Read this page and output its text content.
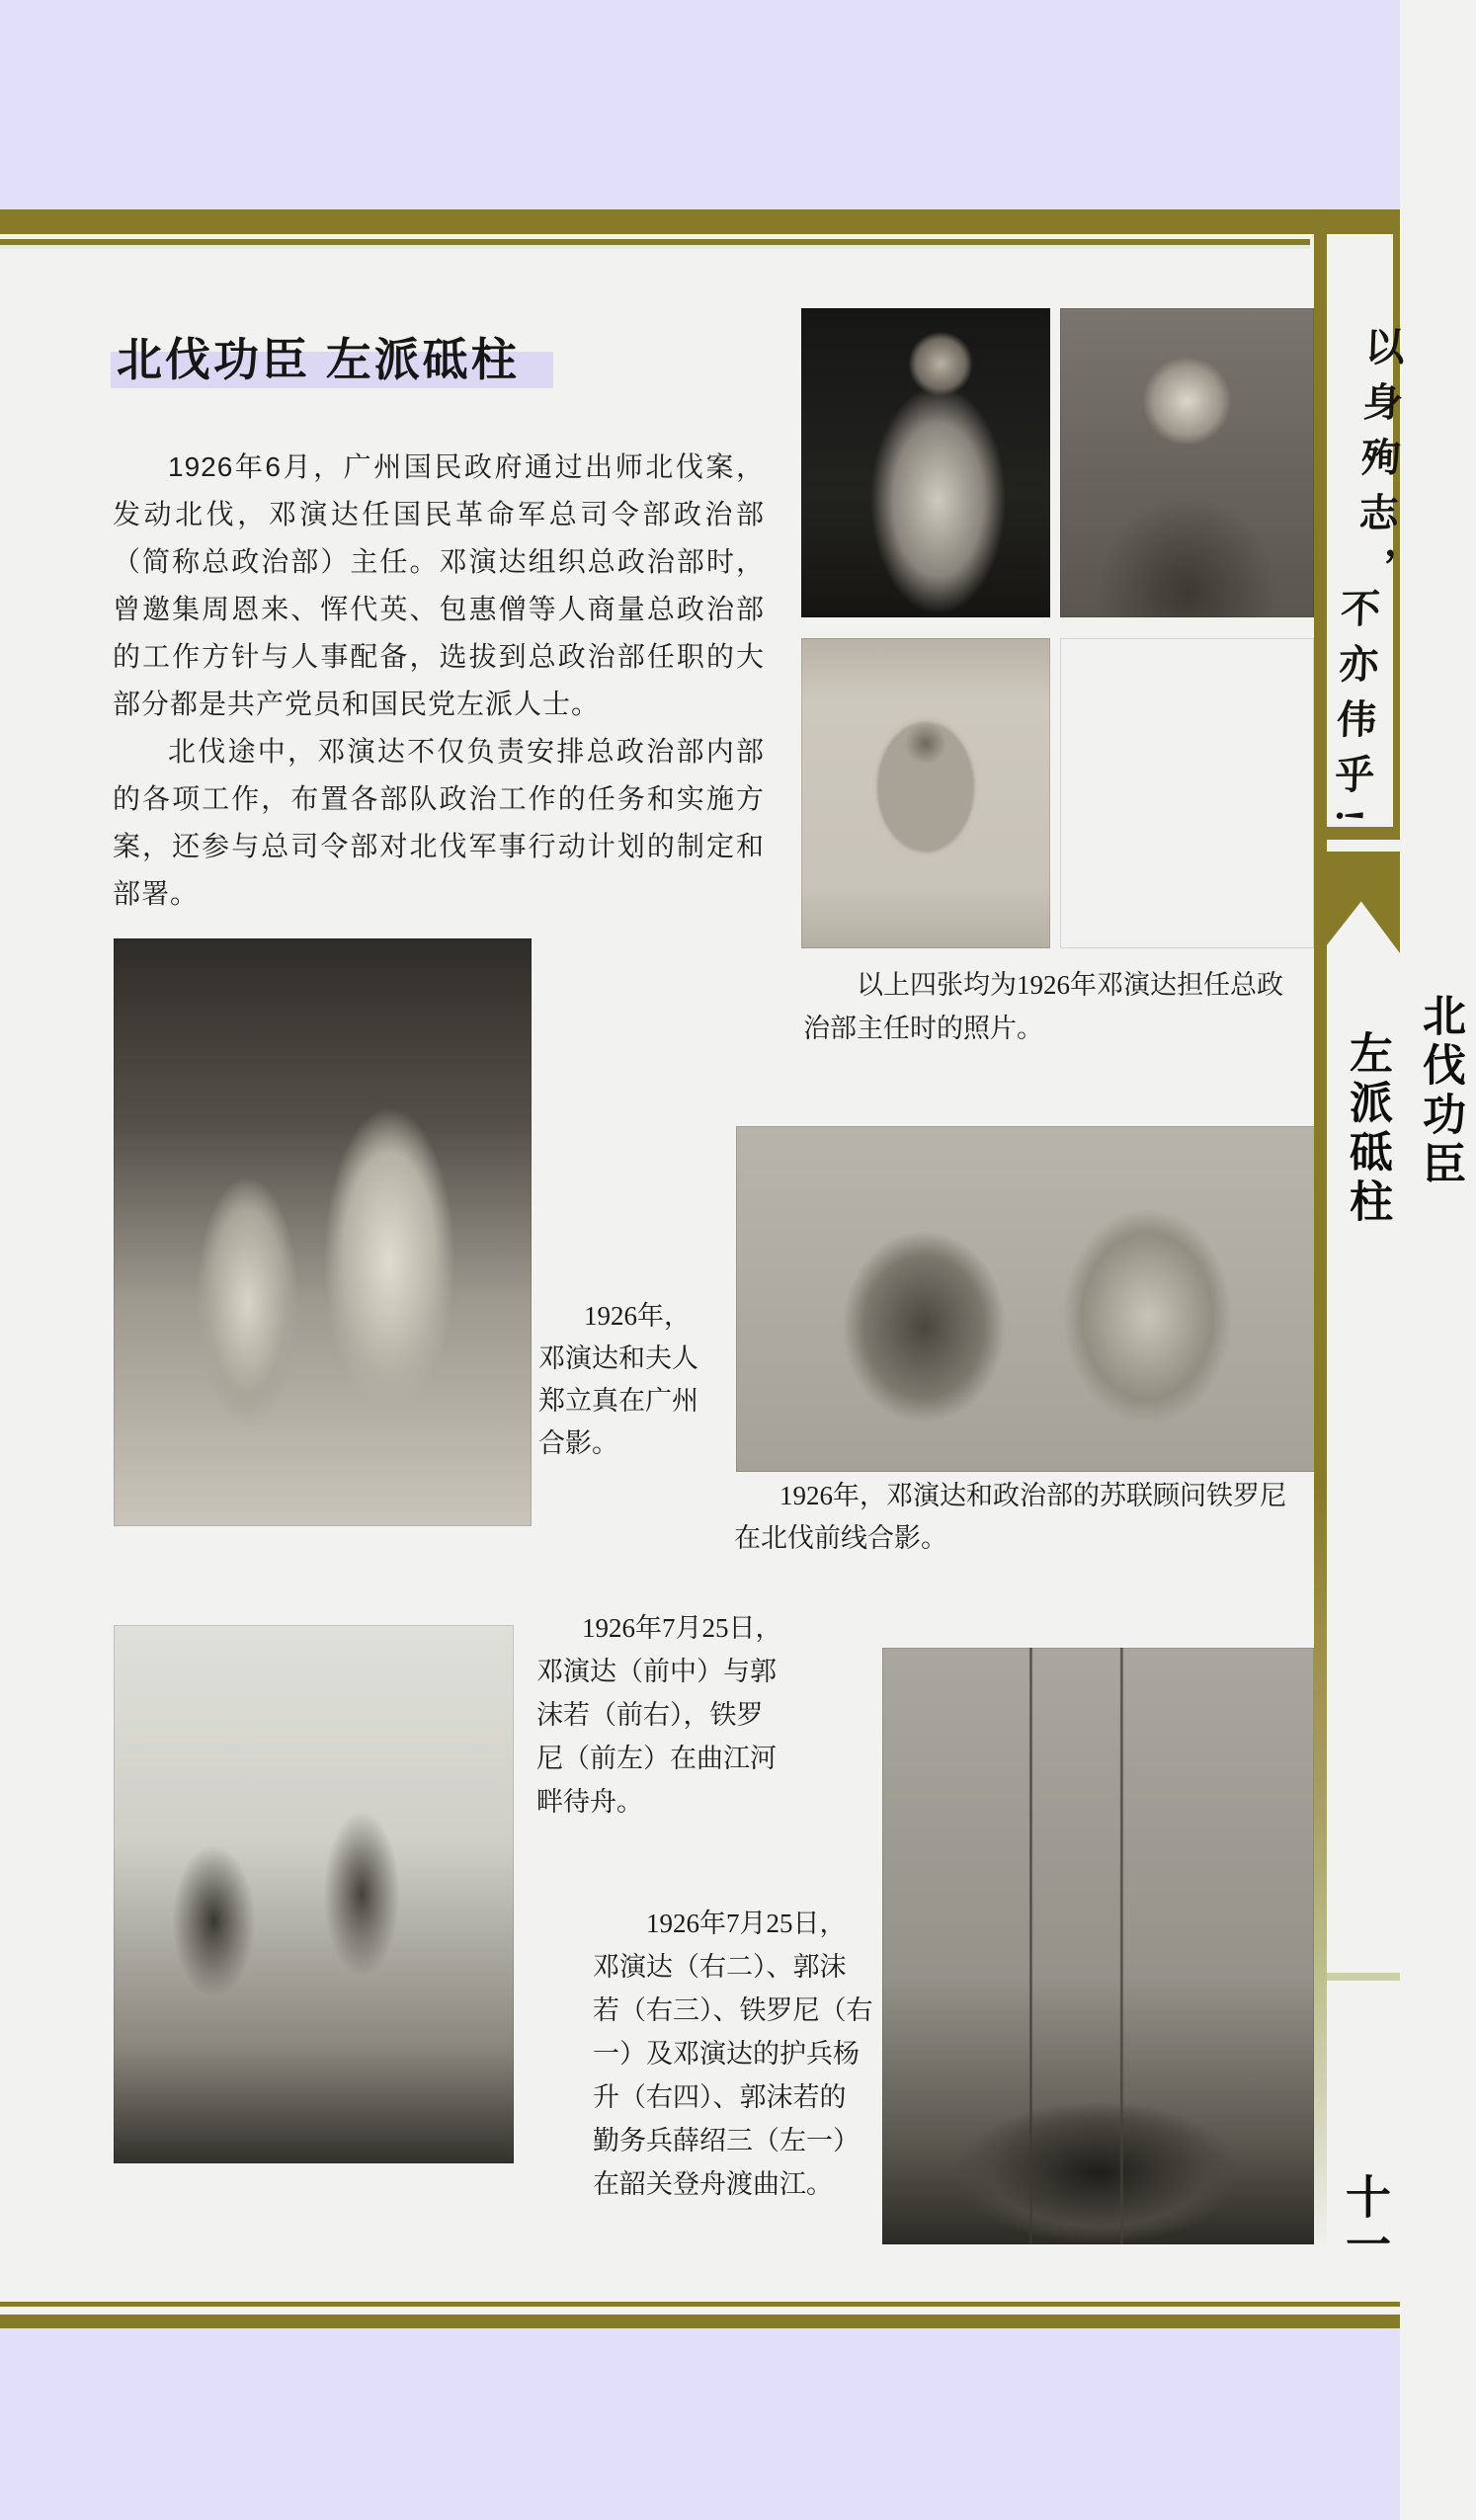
北伐功臣 左派砥柱

1926年6月，广州国民政府通过出师北伐案，发动北伐，邓演达任国民革命军总司令部政治部（简称总政治部）主任。邓演达组织总政治部时，曾邀集周恩来、恽代英、包惠僧等人商量总政治部的工作方针与人事配备，选拔到总政治部任职的大部分都是共产党员和国民党左派人士。

北伐途中，邓演达不仅负责安排总政治部内部的各项工作，布置各部队政治工作的任务和实施方案，还参与总司令部对北伐军事行动计划的制定和部署。

以上四张均为1926年邓演达担任总政
治部主任时的照片。
1926年，
邓演达和夫人
郑立真在广州
合影。
1926年，邓演达和政治部的苏联顾问铁罗尼
在北伐前线合影。
1926年7月25日，
邓演达（前中）与郭
沫若（前右），铁罗
尼（前左）在曲江河
畔待舟。
1926年7月25日，
邓演达（右二）、郭沫
若（右三）、铁罗尼（右
一）及邓演达的护兵杨
升（右四）、郭沫若的
勤务兵薛绍三（左一）
在韶关登舟渡曲江。
以身殉志，
不亦伟乎!
北伐功臣
左派砥柱
十一
